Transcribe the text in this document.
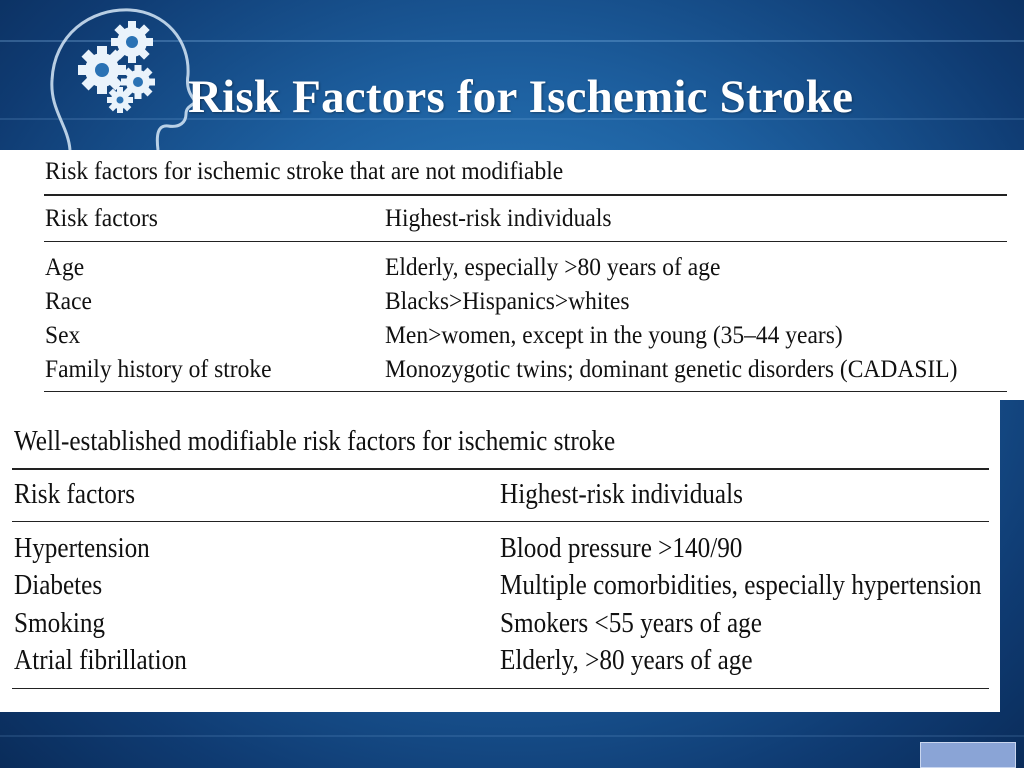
Risk Factors for Ischemic Stroke
Risk factors for ischemic stroke that are not modifiable
Risk factors	Highest-risk individuals
Age	Elderly, especially >80 years of age
Race	Blacks>Hispanics>whites
Sex	Men>women, except in the young (35–44 years)
Family history of stroke	Monozygotic twins; dominant genetic disorders (CADASIL)
Well-established modifiable risk factors for ischemic stroke
Risk factors	Highest-risk individuals
Hypertension	Blood pressure >140/90
Diabetes	Multiple comorbidities, especially hypertension
Smoking	Smokers <55 years of age
Atrial fibrillation	Elderly, >80 years of age
